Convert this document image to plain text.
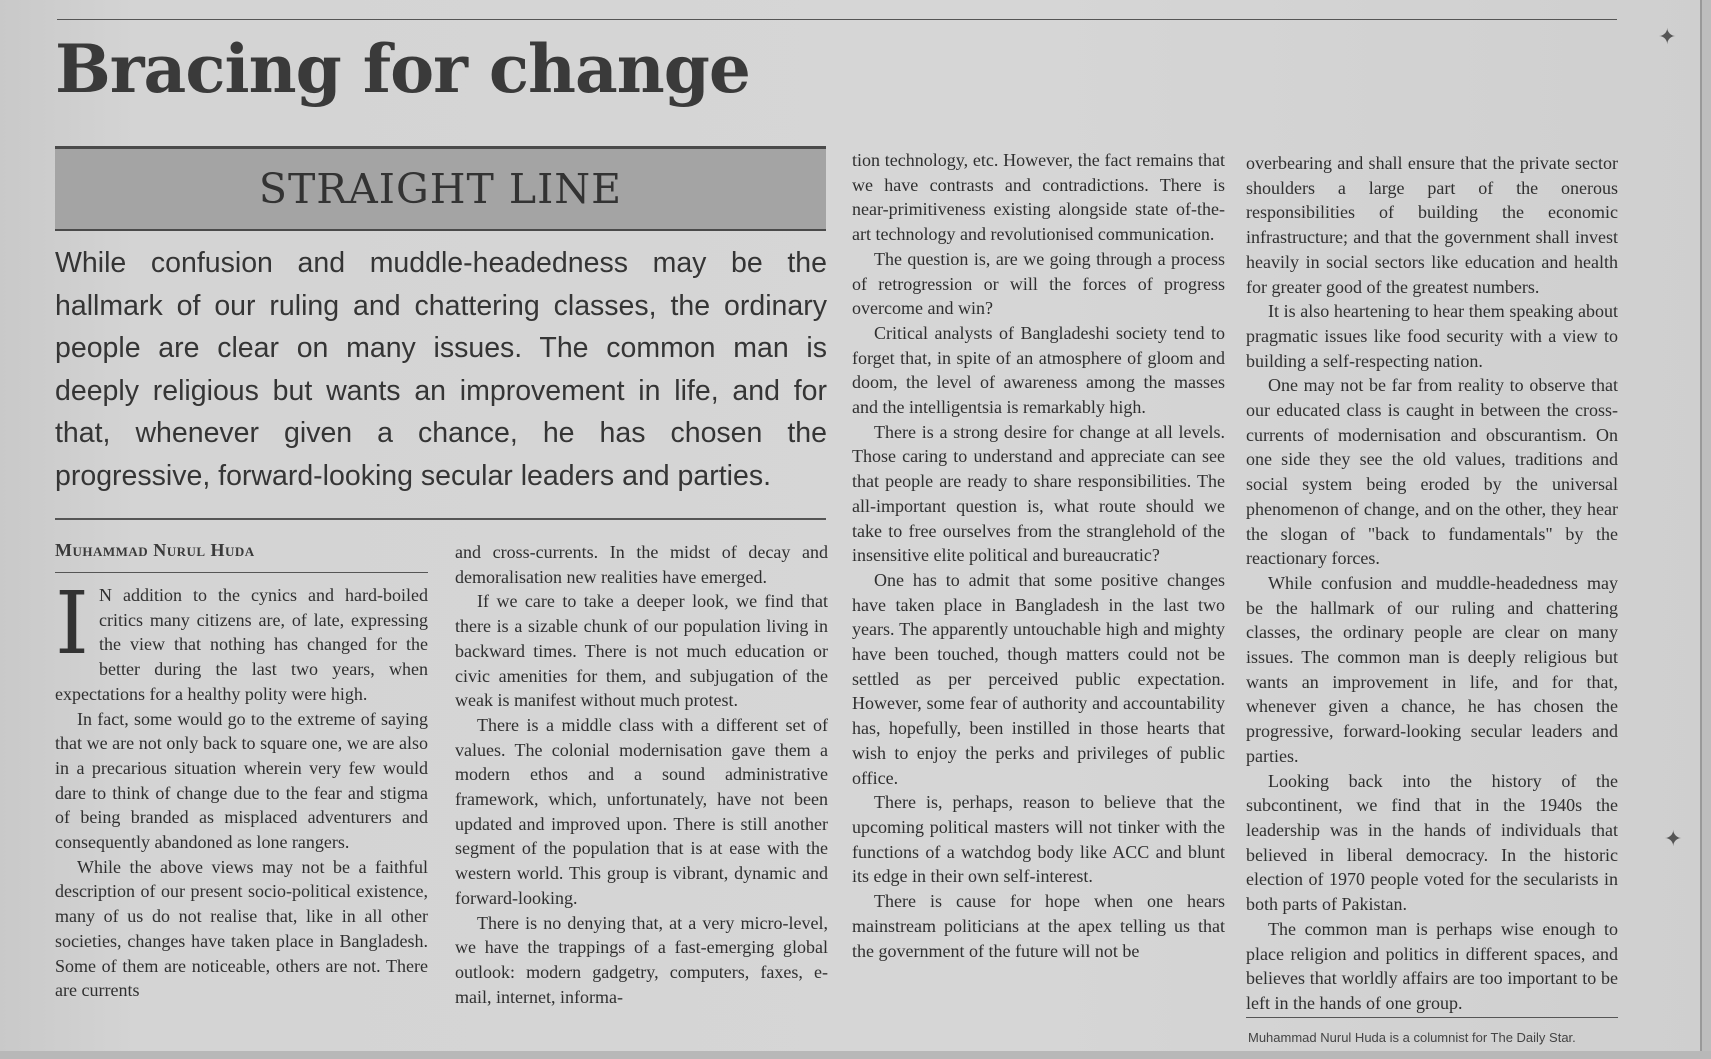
Bracing for change
STRAIGHT LINE

While confusion and muddle-headedness may be the hallmark of our ruling and chattering classes, the ordinary people are clear on many issues. The common man is deeply religious but wants an improvement in life, and for that, whenever given a chance, he has chosen the progressive, forward-looking secular leaders and parties.

Muhammad Nurul Huda

I N addition to the cynics and hard-boiled critics many citizens are, of late, expressing the view that nothing has changed for the better during the last two years, when expectations for a healthy polity were high.

In fact, some would go to the extreme of saying that we are not only back to square one, we are also in a precarious situation wherein very few would dare to think of change due to the fear and stigma of being branded as misplaced adventurers and consequently abandoned as lone rangers.

While the above views may not be a faithful description of our present socio-political existence, many of us do not realise that, like in all other societies, changes have taken place in Bangladesh. Some of them are noticeable, others are not. There are currents

and cross-currents. In the midst of decay and demoralisation new realities have emerged.

If we care to take a deeper look, we find that there is a sizable chunk of our population living in backward times. There is not much education or civic amenities for them, and subjugation of the weak is manifest without much protest.

There is a middle class with a different set of values. The colonial modernisation gave them a modern ethos and a sound administrative framework, which, unfortunately, have not been updated and improved upon. There is still another segment of the population that is at ease with the western world. This group is vibrant, dynamic and forward-looking.

There is no denying that, at a very micro-level, we have the trappings of a fast-emerging global outlook: modern gadgetry, computers, faxes, e-mail, internet, informa-

tion technology, etc. However, the fact remains that we have contrasts and contradictions. There is near-primitiveness existing alongside state of-the-art technology and revolutionised communication.

The question is, are we going through a process of retrogression or will the forces of progress overcome and win?

Critical analysts of Bangladeshi society tend to forget that, in spite of an atmosphere of gloom and doom, the level of awareness among the masses and the intelligentsia is remarkably high.

There is a strong desire for change at all levels. Those caring to understand and appreciate can see that people are ready to share responsibilities. The all-important question is, what route should we take to free ourselves from the stranglehold of the insensitive elite political and bureaucratic?

One has to admit that some positive changes have taken place in Bangladesh in the last two years. The apparently untouchable high and mighty have been touched, though matters could not be settled as per perceived public expectation. However, some fear of authority and accountability has, hopefully, been instilled in those hearts that wish to enjoy the perks and privileges of public office.

There is, perhaps, reason to believe that the upcoming political masters will not tinker with the functions of a watchdog body like ACC and blunt its edge in their own self-interest.

There is cause for hope when one hears mainstream politicians at the apex telling us that the government of the future will not be

overbearing and shall ensure that the private sector shoulders a large part of the onerous responsibilities of building the economic infrastructure; and that the government shall invest heavily in social sectors like education and health for greater good of the greatest numbers.

It is also heartening to hear them speaking about pragmatic issues like food security with a view to building a self-respecting nation.

One may not be far from reality to observe that our educated class is caught in between the cross-currents of modernisation and obscurantism. On one side they see the old values, traditions and social system being eroded by the universal phenomenon of change, and on the other, they hear the slogan of "back to fundamentals" by the reactionary forces.

While confusion and muddle-headedness may be the hallmark of our ruling and chattering classes, the ordinary people are clear on many issues. The common man is deeply religious but wants an improvement in life, and for that, whenever given a chance, he has chosen the progressive, forward-looking secular leaders and parties.

Looking back into the history of the subcontinent, we find that in the 1940s the leadership was in the hands of individuals that believed in liberal democracy. In the historic election of 1970 people voted for the secularists in both parts of Pakistan.

The common man is perhaps wise enough to place religion and politics in different spaces, and believes that worldly affairs are too important to be left in the hands of one group.

Muhammad Nurul Huda is a columnist for The Daily Star.
✦
✦
